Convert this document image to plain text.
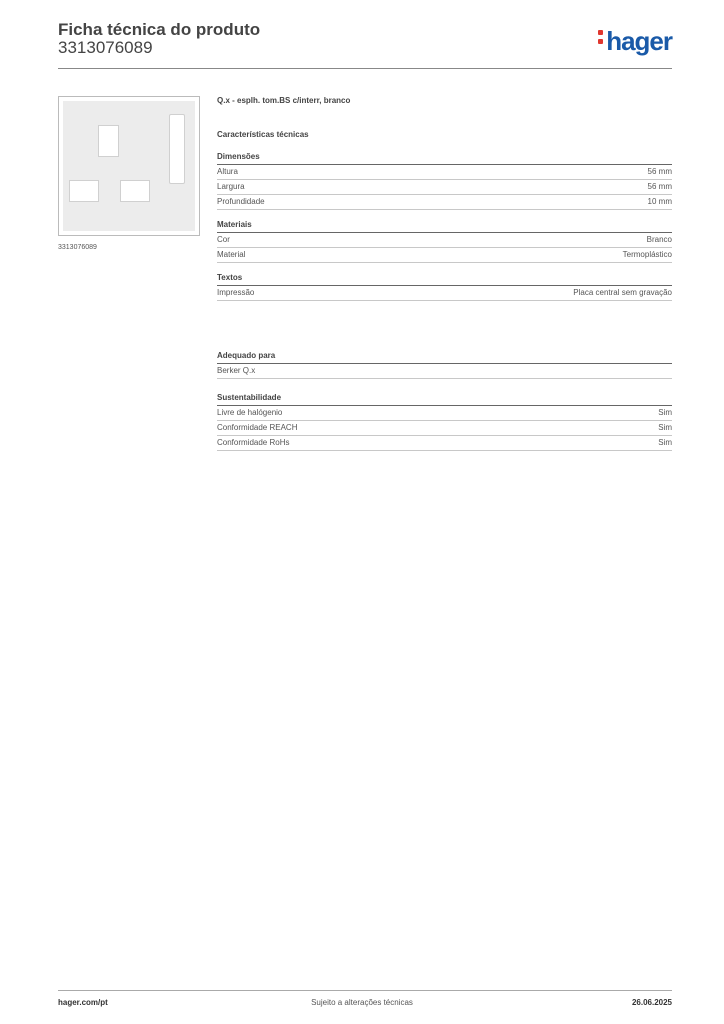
Ficha técnica do produto
3313076089	hager
3313076089
Q.x - esplh. tom.BS c/interr, branco
Características técnicas
Dimensões
Altura	56 mm
Largura	56 mm
Profundidade	10 mm
Materiais
Cor	Branco
Material	Termoplástico
Textos
Impressão	Placa central sem gravação
Adequado para
Berker Q.x
Sustentabilidade
Livre de halógenio	Sim
Conformidade REACH	Sim
Conformidade RoHs	Sim
hager.com/pt	Sujeito a alterações técnicas	26.06.2025
